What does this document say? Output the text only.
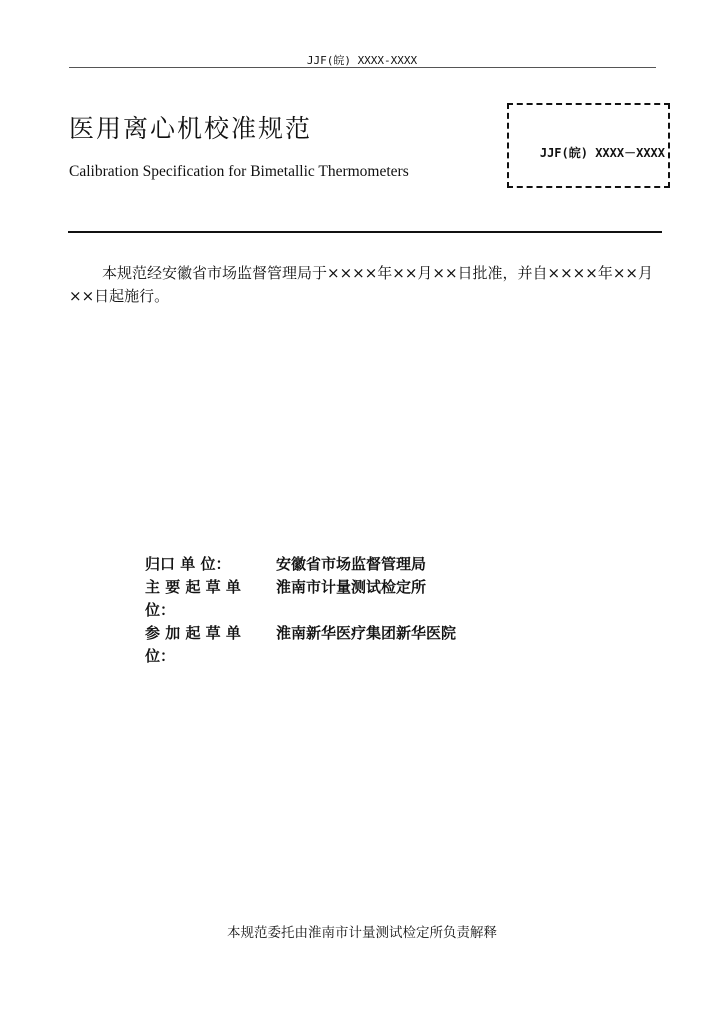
JJF(皖) XXXX-XXXX
医用离心机校准规范
Calibration Specification for Bimetallic Thermometers
JJF(皖) XXXX－XXXX
本规范经安徽省市场监督管理局于××××年××月××日批准，并自××××年××月××日起施行。
归口 单 位：	安徽省市场监督管理局
主 要 起 草 单	淮南市计量测试检定所
位：
参 加 起 草 单	淮南新华医疗集团新华医院
位：
本规范委托由淮南市计量测试检定所负责解释
